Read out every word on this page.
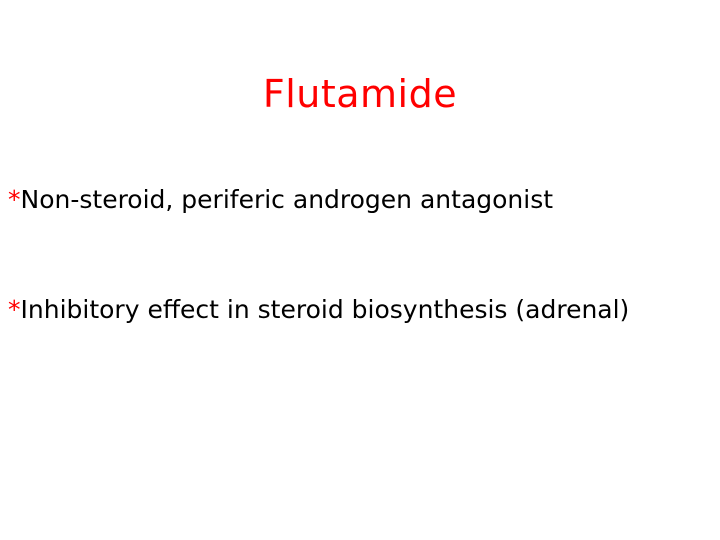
Flutamide
*Non-steroid, periferic androgen antagonist
*Inhibitory effect in steroid biosynthesis (adrenal)
